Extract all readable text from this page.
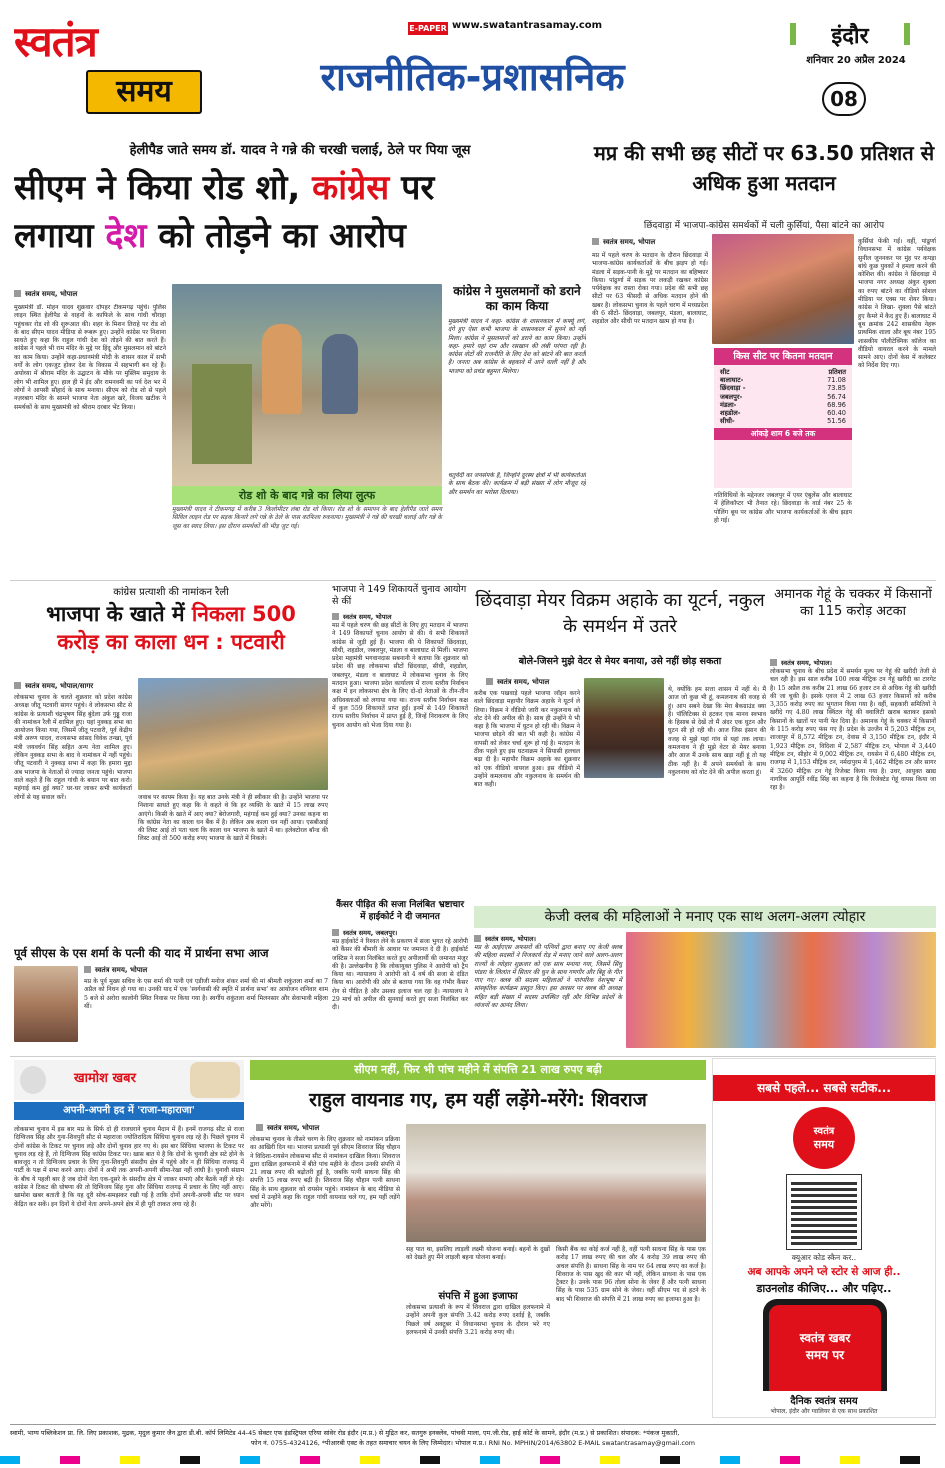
स्वतंत्र
समय
E-PAPER www.swatantrasamay.com
राजनीतिक-प्रशासनिक
इंदौर
शनिवार 20 अप्रैल 2024
08
हेलीपैड जाते समय डॉ. यादव ने गन्ने की चरखी चलाई, ठेले पर पिया जूस
सीएम ने किया रोड शो, कांग्रेस पर
लगाया देश को तोड़ने का आरोप
स्वतंत्र समय, भोपाल
मुख्यमंत्री डॉ. मोहन यादव शुक्रवार दोपहर टीकमगढ़ पहुंचे। पुलिस लाइन स्थित हेलीपैड से वाहनों के काफिले के साथ गांधी चौराहा पहुंचकर रोड शो की शुरूआत की। शहर के मिशन तिराहे पर रोड शो के बाद सीएम यादव मीडिया से रूबरू हुए। उन्होंने कांग्रेस पर निशाना साधते हुए कहा कि राहुल गांधी देश को तोड़ने की बात करते हैं। कांग्रेस ने पहले भी राम मंदिर के मुद्दे पर हिंदू और मुसलमान को बांटने का काम किया। उन्होंने कहा-प्रधानमंत्री मोदी के शासन काल में सभी वर्गों के लोग एकजुट होकर देश के विकास में सहभागी बन रहे हैं। अयोध्या में श्रीराम मंदिर के उद्घाटन के मौके पर मुस्लिम समुदाय के लोग भी शामिल हुए। हाल ही में ईद और रामनवमी का पर्व देश भर में लोगों ने आपसी सौहार्द के साथ मनाया। सीएम को रोड शो से पहले नज़रबाग मंदिर के सामने भाजपा नेता अंकुल खरे, विजय खटीक ने समर्थकों के साथ मुख्यमंत्री को श्रीराम दरबार भेंट किया।
रोड शो के बाद गन्ने का लिया लुत्फ
मुख्यमंत्री यादव ने टीकमगढ़ में करीब 3 किलोमीटर लंबा रोड शो किया। रोड शो के समापन के बाद हेलीपैड जाते समय सिविल लाइन रोड पर सड़क किनारे लगे गन्ने के ठेले के पास काफिला रुकवाया। मुख्यमंत्री ने गन्ने की चरखी चलाई और गन्ने के जूस का स्वाद लिया। इस दौरान समर्थकों की भीड़ जुट गई।
कांग्रेस ने मुसलमानों को डराने का काम किया
मुख्यमंत्री यादव ने कहा- कांग्रेस के शासनकाल में कर्फ्यू लगे, दंगे हुए ऐसा कभी भाजपा के शासनकाल में सुनने को नहीं मिला। कांग्रेस ने मुसलमानों को डराने का काम किया। उन्होंने कहा- हमारे यहां राम और रसखान की लंबी परंपरा रही है। कांग्रेस वोटों की राजनीति के लिए देश को बांटने की बात करती है। जनता अब कांग्रेस के बहकावे में आने वाली नहीं है और भाजपा को प्रचंड बहुमत मिलेगा।
चतुर्वेदी का जनसंपर्क है, जिन्होंने दूरस्थ क्षेत्रों में भी कार्यकर्ताओं के साथ बैठक की। कार्यक्रम में बड़ी संख्या में लोग मौजूद रहे और समर्थन का भरोसा दिलाया।
मप्र की सभी छह सीटों पर 63.50 प्रतिशत से अधिक हुआ मतदान
छिंदवाड़ा में भाजपा-कांग्रेस समर्थकों में चली कुर्सियां, पैसा बांटने का आरोप
स्वतंत्र समय, भोपाल
मप्र में पहले चरण के मतदान के दौरान छिंदवाड़ा में भाजपा-कांग्रेस कार्यकर्ताओं के बीच झड़प हो गई। मंडला में सड़क-पानी के मुद्दे पर मतदान का बहिष्कार किया। पांढुर्णा में सड़क पर लकड़ी रखकर कांग्रेस पर्यवेक्षक का रास्ता रोका गया। प्रदेश की सभी छह सीटों पर 63 फीसदी से अधिक मतदान होने की खबर है। लोकसभा चुनाव के पहले चरण में मध्यप्रदेश की 6 सीटों- छिंदवाड़ा, जबलपुर, मंडला, बालाघाट, शहडोल और सीधी पर मतदान खत्म हो गया है।
किस सीट पर कितना मतदान
सीट	प्रतिशत
बालाघाट-	71.08
छिंदवाड़ा -	73.85
जबलपुर-	56.74
मंडला-	68.96
शहडोल-	60.40
सीधी-	51.56
आंकड़े शाम 6 बजे तक
गतिविधियों के मद्देनजर जबलपुर में एयर एंबुलेंस और बालाघाट में हेलिकॉप्टर भी तैनात रहे। छिंदवाड़ा के वार्ड नंबर 25 के पोलिंग बूथ पर कांग्रेस और भाजपा कार्यकर्ताओं के बीच झड़प हो गई।
कुर्सियां फेंकी गईं। वहीं, पांढुर्णा विधानसभा में कांग्रेस पर्यवेक्षक सुनील जुननकर पर मुंह पर कपड़ा बांधे कुछ युवकों ने हमला करने की कोशिश की। कांग्रेस ने छिंदवाड़ा में भाजपा नगर अध्यक्ष अंकुर शुक्ला का रुपए बांटने का वीडियो सोशल मीडिया पर एक्स पर शेयर किया। कांग्रेस ने लिखा- शुक्ला पैसे बांटते हुए कैमरे में कैद हुए हैं। बालाघाट में बूथ क्रमांक 242 शासकीय नेहरू प्राथमिक शाला और बूथ नंबर 195 शासकीय पॉलीटेक्निक कॉलेज का वीडियो वायरल करने के मामले सामने आए। दोनों केस में कलेक्टर को निर्देश दिए गए।
कांग्रेस प्रत्याशी की नामांकन रैली
भाजपा के खाते में निकला 500
करोड़ का काला धन : पटवारी
स्वतंत्र समय, भोपाल/सागर
लोकसभा चुनाव के चलते शुक्रवार को प्रदेश कांग्रेस अध्यक्ष जीतू पटवारी सागर पहुंचे। वे लोकसभा सीट से कांग्रेस के प्रत्याशी चंद्रभूषण सिंह बुंदेला उर्फ गुड्डू राजा की नामांकन रैली में शामिल हुए। यहां नुक्कड़ सभा का आयोजन किया गया, जिसमें जीतू पटवारी, पूर्व केंद्रीय मंत्री अरुण यादव, राज्यसभा सांसद विवेक तन्खा, पूर्व मंत्री जयवर्धन सिंह सहित अन्य नेता शामिल हुए। लेकिन नुक्कड़ सभा के बाद वे नामांकन में नहीं पहुंचे। जीतू पटवारी ने नुक्कड़ सभा में कहा कि हमारा मुद्दा अब भाजपा के नेताओं से ज्यादा जनता पहुंचे। भाजपा वाले कहते हैं कि राहुल गांधी के बयान पर बात करो। महंगाई कम हुई क्या? घर-घर जाकर सभी कार्यकर्ता लोगों से यह सवाल करें।	जवाब पर कायम किया है। यह बात उनके मंत्री ने ही स्वीकार की है। उन्होंने भाजपा पर निशाना साधते हुए कहा कि वे कहते थे कि हर व्यक्ति के खाते में 15 लाख रुपए आएंगे। किसी के खाते में आए क्या? बेरोजगारी, महंगाई कम हुई क्या? उनका कहना था कि कांग्रेस नेता का काला धन बैंक में है। लेकिन अब काला धन नहीं आया। एसबीआई की लिस्ट आई तो पता चला कि काला धन भाजपा के खाते में था। इलेक्टोरल बॉन्ड की लिस्ट आई तो 500 करोड़ रुपए भाजपा के खाते में निकले।
पूर्व सीएस के एस शर्मा के पत्नी की याद में प्रार्थना सभा आज
स्वतंत्र समय, भोपाल
मप्र के पूर्व मुख्य सचिव के एस शर्मा की पत्नी एवं एडीजी मनोज शंकर शर्मा की मां श्रीमती शकुंतला शर्मा का 7 अप्रैल को निधन हो गया था। उनकी याद में एक 'स्वर्गवासी की स्मृति में प्रार्थना सभा' का आयोजन शनिवार शाम 5 बजे से अरोरा कालोनी स्थित निवास पर किया गया है। स्वर्गीय शकुंतला शर्मा मिलनसार और सेवाभावी महिला थीं।
भाजपा ने 149 शिकायतें चुनाव आयोग से कीं
स्वतंत्र समय, भोपाल
मप्र में पहले चरण की छह सीटों के लिए हुए मतदान में भाजपा ने 149 शिकायतें चुनाव आयोग से की। ये सभी शिकायतें कांग्रेस से जुड़ी हुई हैं। भाजपा की ये शिकायतें छिंदवाड़ा, सीधी, शहडोल, जबलपुर, मंडला व बालाघाट से मिलीं। भाजपा प्रदेश महामंत्री भगवानदास सबनानी ने बताया कि शुक्रवार को प्रदेश की छह लोकसभा सीटों छिंदवाड़ा, सीधी, शहडोल, जबलपुर, मंडला व बालाघाट में लोकसभा चुनाव के लिए मतदान हुआ। भाजपा प्रदेश कार्यालय में राज्य स्तरीय निर्वाचन कक्ष में इन लोकसभा क्षेत्र के लिए दो-दो नेताओं के तीन-तीन अधिवक्ताओं को लगाया गया था। राज्य स्तरीय निर्वाचन कक्ष में कुल 559 शिकायतें प्राप्त हुईं। इनमें से 149 शिकायतें राज्य स्तरीय निर्वाचन में प्राप्त हुई हैं, जिन्हें निराकरण के लिए चुनाव आयोग को भेजा दिया गया है।
कैंसर पीड़ित की सजा निलंबित भ्रष्टाचार में हाईकोर्ट ने दी जमानत
स्वतंत्र समय, जबलपुर।
मप्र हाईकोर्ट ने रिश्वत लेने के प्रकरण में सजा भुगत रहे आरोपी को कैंसर की बीमारी के आधार पर जमानत दे दी है। हाईकोर्ट जस्टिस ने सजा निलंबित करते हुए अपीलार्थी की जमानत मंजूर की है। उल्लेखनीय है कि लोकायुक्त पुलिस ने आरोपी को ट्रैप किया था। न्यायालय ने आरोपी को 4 वर्ष की सजा से दंडित किया था। आरोपी की ओर से बताया गया कि वह गंभीर कैंसर रोग से पीड़ित है और उसका इलाज चल रहा है। न्यायालय ने 29 मार्च को अपील की सुनवाई करते हुए सजा निलंबित कर दी।
छिंदवाड़ा मेयर विक्रम अहाके का यूटर्न, नकुल के समर्थन में उतरे
बोले-जिसने मुझे वेटर से मेयर बनाया, उसे नहीं छोड़ सकता
स्वतंत्र समय, भोपाल
करीब एक पखवाड़े पहले भाजपा जॉइन करने वाले छिंदवाड़ा महापौर विक्रम अहाके ने यूटर्न ले लिया। विक्रम ने वीडियो जारी कर नकुलनाथ को वोट देने की अपील की है। साथ ही उन्होंने ये भी कहा है कि भाजपा में घुटन हो रही थी। विक्रम ने भाजपा छोड़ने की बात भी कही है। कांग्रेस में वापसी को लेकर चर्चा शुरू हो गई है। मतदान के ठीक पहले हुए इस घटनाक्रम ने सियासी हलचल बढ़ा दी है। महापौर विक्रम अहाके का शुक्रवार को एक वीडियो वायरल हुआ। इस वीडियो में उन्होंने कमलनाथ और नकुलनाथ के समर्थन की बात कही।
थे, क्योंकि हम सत्ता शासन में नहीं थे। मैं आज जो कुछ भी हूं, कमलनाथ की वजह से हूं। आप सबने देखा कि मेरा बैकग्राउंड क्या है। पॉलिटिक्स से हटकर एक मानव स्वभाव के हिसाब से देखें तो मैं अंदर एक घुटन और घुटन सी हो रही थी। आज जिस इंसान की वजह से मुझे यहां गांव से यहां तक लाया। कमलनाथ ने ही मुझे वेटर से मेयर बनाया और आज मैं उनके साथ खड़ा नहीं हूं तो यह ठीक नहीं है। मैं अपने समर्थकों के साथ नकुलनाथ को वोट देने की अपील करता हूं।
अमानक गेहूं के चक्कर में किसानों का 115 करोड़ अटका
स्वतंत्र समय, भोपाल।
लोकसभा चुनाव के बीच प्रदेश में समर्थन मूल्य पर गेहूं की खरीदी तेजी से चल रही है। इस साल करीब 100 लाख मीट्रिक टन गेहूं खरीदी का टारगेट है। 15 अप्रैल तक करीब 21 लाख 66 हजार टन से अधिक गेहूं की खरीदी की जा चुकी है। इसके एवज में 2 लाख 63 हजार किसानों को करीब 3,355 करोड़ रुपए का भुगतान किया गया है। वहीं, सहकारी समितियों ने खरीदे गए 4.80 लाख क्विंटल गेहूं की क्वालिटी खराब बताकर इसको किसानों के खातों पर पानी फेर दिया है। अमानक गेहूं के चक्कर में किसानों के 115 करोड़ रुपए फंस गए हैं। प्रदेश के उज्जैन में 5,203 मीट्रिक टन, शाजापुर में 8,572 मीट्रिक टन, देवास में 3,150 मीट्रिक टन, इंदौर में 1,923 मीट्रिक टन, विदिशा में 2,587 मीट्रिक टन, भोपाल में 3,440 मीट्रिक टन, सीहोर में 9,002 मीट्रिक टन, रायसेन में 6,480 मीट्रिक टन, राजगढ़ में 1,153 मीट्रिक टन, नर्मदापुरम में 1,462 मीट्रिक टन और सागर में 3260 मीट्रिक टन गेहूं रिजेक्ट किया गया है। उधर, आयुक्त खाद्य नागरिक आपूर्ति रवींद्र सिंह का कहना है कि रिजेक्टेड गेहूं वापस किया जा रहा है।
केजी क्लब की महिलाओं ने मनाए एक साथ अलग-अलग त्योहार
स्वतंत्र समय, भोपाल।
मप्र के आईएएस अफसरों की पत्नियों द्वारा बनाए गए केजी क्लब की महिला सदस्यों ने निजकार्य रोड़ में मनाए जाने वाले अलग-अलग राज्यों के त्योहार शुक्रवार को एक साथ मनाया गया, जिसमें सिंधु पांडरा के लिलांत में सितार की धुन के साथ गणगौर और बिहू के गीत गाए गए। क्लब की सदस्य महिलाओं ने पारंपरिक वेशभूषा में सांस्कृतिक कार्यक्रम प्रस्तुत किए। इस अवसर पर क्लब की अध्यक्ष सहित बड़ी संख्या में सदस्य उपस्थित रहीं और विभिन्न प्रदेशों के व्यंजनों का आनंद लिया।
खामोश खबर
अपनी-अपनी हद में 'राजा-महाराजा'
लोकसभा चुनाव में इस बार मप्र के सिर्फ दो ही राजघराने चुनाव मैदान में हैं। इनमें राजगढ़ सीट से राजा दिग्विजय सिंह और गुना-शिवपुरी सीट से महाराजा ज्योतिरादित्य सिंधिया चुनाव लड़ रहे हैं। पिछले चुनाव में दोनों कांग्रेस के टिकट पर चुनाव लड़े और दोनों चुनाव हार गए थे। इस बार सिंधिया भाजपा के टिकट पर चुनाव लड़ रहे हैं, तो दिग्विजय सिंह कांग्रेस टिकट पर। खास बात ये है कि दोनों के चुनावी क्षेत्र सटे होने के बावजूद न तो दिग्विजय प्रचार के लिए गुना-शिवपुरी संसदीय क्षेत्र में पहुंचे और न ही सिंधिया राजगढ़ में पार्टी के पक्ष में सभा करने आए। दोनों ने अभी तक अपनी-अपनी सीमा-रेखा नहीं लांघी है। चुनावी संग्राम के बीच ये पहली बार है जब दोनों नेता एक-दूसरे के संसदीय क्षेत्र में जाकर सभाएं और बैठकें नहीं ले रहे। कांग्रेस ने टिकट की घोषणा की तो दिग्विजय सिंह गुना और सिंधिया राजगढ़ में प्रचार के लिए नहीं आए। खामोश खबर बताती है कि यह दूरी सोच-समझकर रखी गई है ताकि दोनों अपनी-अपनी सीट पर ध्यान केंद्रित कर सकें। इन दिनों ये दोनों नेता अपने-अपने क्षेत्र में ही पूरी ताकत लगा रहे हैं।
सीएम नहीं, फिर भी पांच महीने में संपत्ति 21 लाख रुपए बढ़ी
राहुल वायनाड गए, हम यहीं लड़ेंगे-मरेंगे: शिवराज
स्वतंत्र समय, भोपाल
लोकसभा चुनाव के तीसरे चरण के लिए शुक्रवार को नामांकन प्रक्रिया का आखिरी दिन था। भाजपा प्रत्याशी पूर्व सीएम शिवराज सिंह चौहान ने विदिशा-रायसेन लोकसभा सीट से नामांकन दाखिल किया। शिवराज द्वारा दाखिल हलफनामे में बीते पांच महीने के दौरान उनकी संपत्ति में 21 लाख रुपए की बढ़ोतरी हुई है, जबकि पत्नी साधना सिंह की संपत्ति 15 लाख रुपए बढ़ी है। शिवराज सिंह चौहान पत्नी साधना सिंह के साथ शुक्रवार को रायसेन पहुंचे। नामांकन के बाद मीडिया से चर्चा में उन्होंने कहा कि राहुल गांधी वायनाड चले गए, हम यहीं लड़ेंगे और मरेंगे।
सह पात था, इसलिए लाड़ली लक्ष्मी योजना बनाई। बहनों के दुखों को देखते हुए मैंने लाड़ली बहना योजना बनाई।
संपत्ति में हुआ इजाफा
लोकसभा प्रत्याशी के रूप में शिवराज द्वारा दाखिल हलफनामे में उन्होंने अपनी कुल संपत्ति 3.42 करोड़ रुपए दर्शाई है, जबकि पिछले वर्ष अक्टूबर में विधानसभा चुनाव के दौरान भरे गए हलफनामे में उनकी संपत्ति 3.21 करोड़ रुपए थी।
किसी बैंक का कोई कर्ज नहीं है, वहीं पत्नी साधना सिंह के पास एक करोड़ 17 लाख रुपए की चल और 4 करोड़ 39 लाख रुपए की अचल संपत्ति है। साधना सिंह के नाम पर 64 लाख रुपए का कर्ज है। शिवराज के पास खुद की कार भी नहीं, लेकिन साधना के पास एक ट्रैक्टर है। उनके पास 96 तोला सोना के जेवर हैं और पत्नी साधना सिंह के पास 535 ग्राम सोने के जेवर। वहीं सीएम पद से हटने के बाद भी शिवराज की संपत्ति में 21 लाख रुपए का इजाफा हुआ है।
सबसे पहले... सबसे सटीक...
स्वतंत्र
समय
क्यूआर कोड स्कैन कर..
अब आपके अपने प्ले स्टोर से आज ही..
डाउनलोड कीजिए... और पढ़िए..
स्वतंत्र खबर
समय पर
दैनिक स्वतंत्र समय
भोपाल, इंदौर और ग्वालियर से एक साथ प्रकाशित
स्वामी, भाग्य पब्लिकेशन प्रा. लि. लिए प्रकाशक, मुद्रक, मृदुल कुमार जैन द्वारा डी.बी. कॉर्प लिमिटेड 44-45 सेक्टर एफ इंडस्ट्रियल एरिया सांवेर रोड इंदौर (म.प्र.) से मुद्रित कर, सतगुरु इनक्लेव, पांचवी माला, एम.जी.रोड, हाई कोर्ट के सामने, इंदौर (म.प्र.) से प्रकाशित। संपादक: *पंकज मुकाती,
फोन नं. 0755-4324126, *पीआरबी एक्ट के तहत समाचार चयन के लिए जिम्मेदार। भोपाल म.प्र.। RNI No. MPHIN/2014/63802 E-MAIL swatantrasamay@gmail.com
